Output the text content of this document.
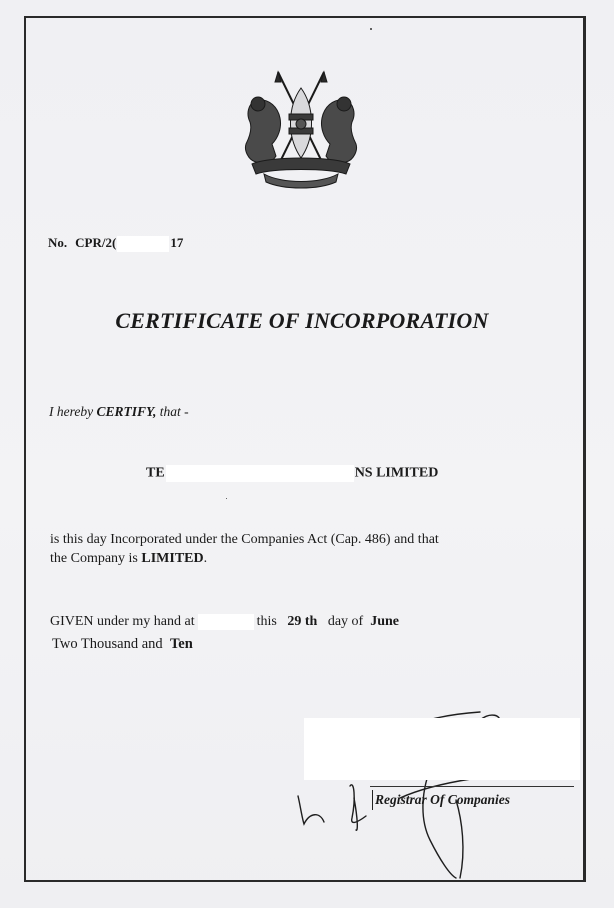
No. CPR/2(	17
CERTIFICATE OF INCORPORATION
I hereby CERTIFY, that -
TE	NS LIMITED
is this day Incorporated under the Companies Act (Cap. 486) and that
the Company is LIMITED.
GIVEN under my hand at	this 29 th day of June
Two Thousand and Ten
Registrar Of Companies
